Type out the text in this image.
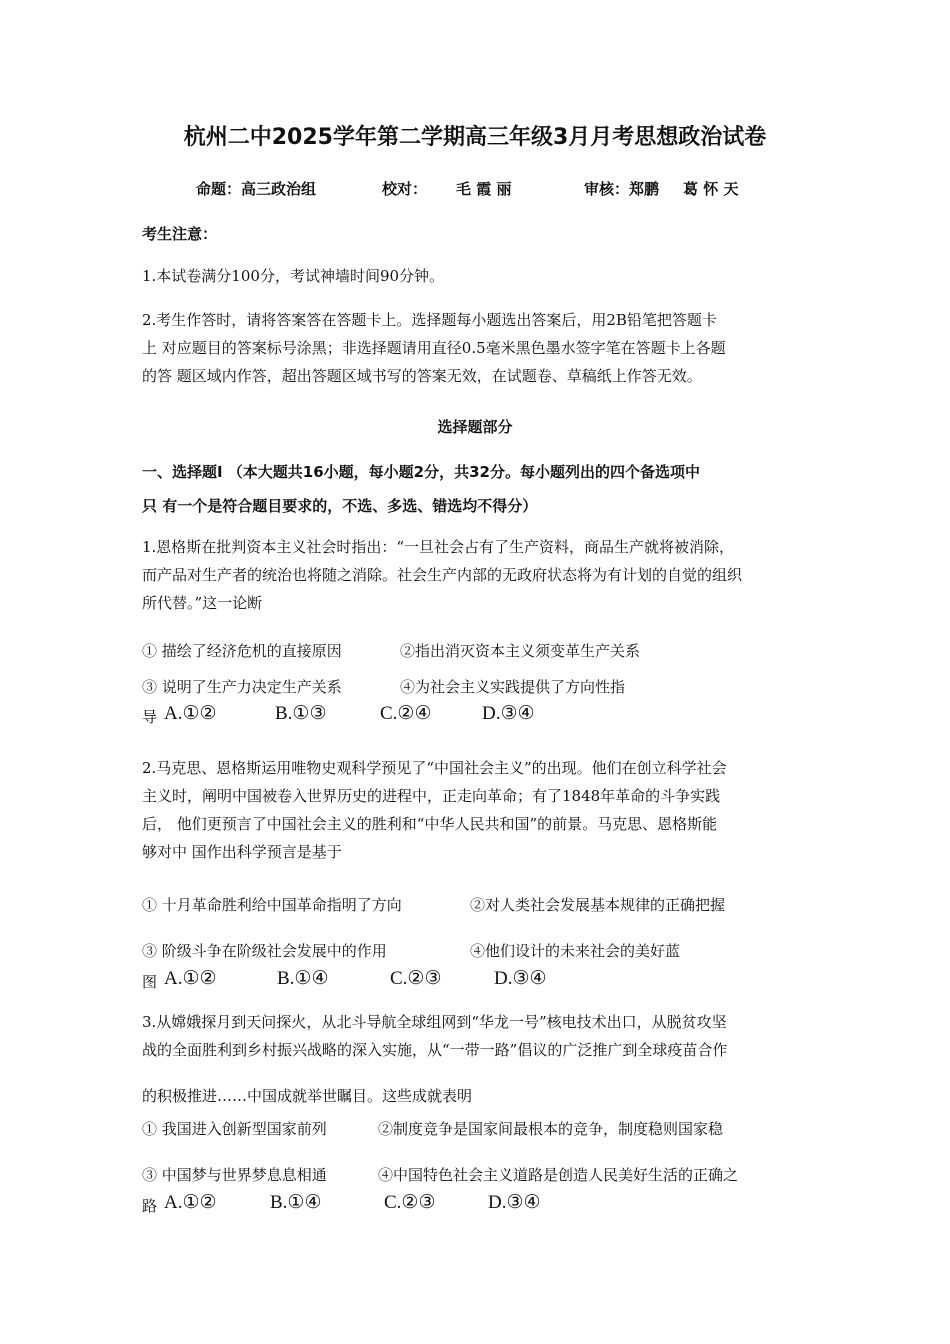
杭州二中2025学年第二学期高三年级3月月考思想政治试卷
命题：高三政治组	校对： 毛 霞 丽	审核：郑鹏 葛 怀 天
考生注意：
1.本试卷满分100分，考试神墙时间90分钟。
2.考生作答时，请将答案答在答题卡上。选择题每小题选出答案后，用2B铅笔把答题卡
上 对应题目的答案标号涂黑；非选择题请用直径0.5毫米黑色墨水签字笔在答题卡上各题
的答 题区域内作答，超出答题区域书写的答案无效，在试题卷、草稿纸上作答无效。
选择题部分
一、选择题Ⅰ （本大题共16小题，每小题2分，共32分。每小题列出的四个备选项中
只 有一个是符合题目要求的，不选、多选、错选均不得分）
1.恩格斯在批判资本主义社会时指出：“一旦社会占有了生产资料，商品生产就将被消除，
而产品对生产者的统治也将随之消除。社会生产内部的无政府状态将为有计划的自觉的组织
所代替。”这一论断
① 描绘了经济危机的直接原因	②指出消灭资本主义须变革生产关系
③ 说明了生产力决定生产关系	④为社会主义实践提供了方向性指
导 A.①②	B.①③	C.②④	D.③④
2.马克思、恩格斯运用唯物史观科学预见了“中国社会主义”的出现。他们在创立科学社会
主义时，阐明中国被卷入世界历史的进程中，正走向革命；有了1848年革命的斗争实践
后， 他们更预言了中国社会主义的胜利和“中华人民共和国”的前景。马克思、恩格斯能
够对中 国作出科学预言是基于
① 十月革命胜利给中国革命指明了方向	②对人类社会发展基本规律的正确把握
③ 阶级斗争在阶级社会发展中的作用	④他们设计的未来社会的美好蓝
图 A.①②	B.①④	C.②③	D.③④
3.从嫦娥探月到天问探火，从北斗导航全球组网到“华龙一号”核电技术出口，从脱贫攻坚
战的全面胜利到乡村振兴战略的深入实施，从“一带一路”倡议的广泛推广到全球疫苗合作
的积极推进……中国成就举世瞩目。这些成就表明
① 我国进入创新型国家前列	②制度竞争是国家间最根本的竞争，制度稳则国家稳
③ 中国梦与世界梦息息相通	④中国特色社会主义道路是创造人民美好生活的正确之
路 A.①②	B.①④	C.②③	D.③④
